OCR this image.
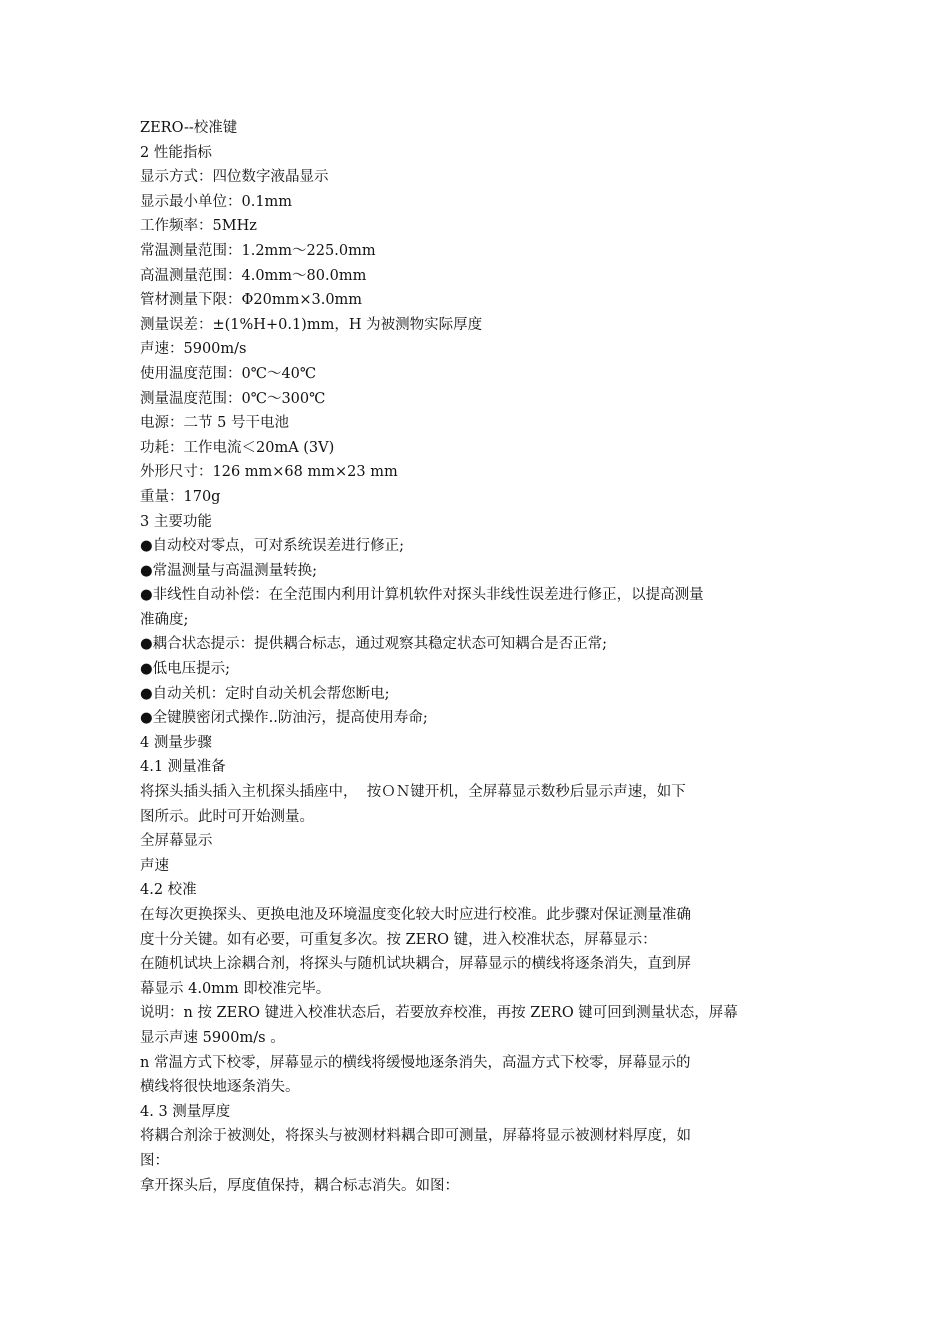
ZERO--校准键
2 性能指标
显示方式：四位数字液晶显示
显示最小单位：0.1mm
工作频率：5MHz
常温测量范围：1.2mm～225.0mm
高温测量范围：4.0mm～80.0mm
管材测量下限：Φ20mm×3.0mm
测量误差：±(1%H+0.1)mm，H 为被测物实际厚度
声速：5900m/s
使用温度范围：0℃～40℃
测量温度范围：0℃～300℃
电源：二节 5 号干电池
功耗：工作电流＜20mA (3V)
外形尺寸：126 mm×68 mm×23 mm
重量：170g
3 主要功能
●自动校对零点，可对系统误差进行修正;
●常温测量与高温测量转换;
●非线性自动补偿：在全范围内利用计算机软件对探头非线性误差进行修正，以提高测量
准确度;
●耦合状态提示：提供耦合标志，通过观察其稳定状态可知耦合是否正常;
●低电压提示;
●自动关机：定时自动关机会帮您断电;
●全键膜密闭式操作..防油污，提高使用寿命;
4 测量步骤
4.1 测量准备
将探头插头插入主机探头插座中，  按ＯＮ键开机，全屏幕显示数秒后显示声速，如下
图所示。此时可开始测量。
全屏幕显示
声速
4.2 校准
在每次更换探头、更换电池及环境温度变化较大时应进行校准。此步骤对保证测量准确
度十分关键。如有必要，可重复多次。按 ZERO 键，进入校准状态，屏幕显示：
在随机试块上涂耦合剂，将探头与随机试块耦合，屏幕显示的横线将逐条消失，直到屏
幕显示 4.0mm 即校准完毕。
说明：n 按 ZERO 键进入校准状态后，若要放弃校准，再按 ZERO 键可回到测量状态，屏幕
显示声速 5900m/s 。
n 常温方式下校零，屏幕显示的横线将缓慢地逐条消失，高温方式下校零，屏幕显示的
横线将很快地逐条消失。
4. 3 测量厚度
将耦合剂涂于被测处，将探头与被测材料耦合即可测量，屏幕将显示被测材料厚度，如
图：
拿开探头后，厚度值保持，耦合标志消失。如图：
